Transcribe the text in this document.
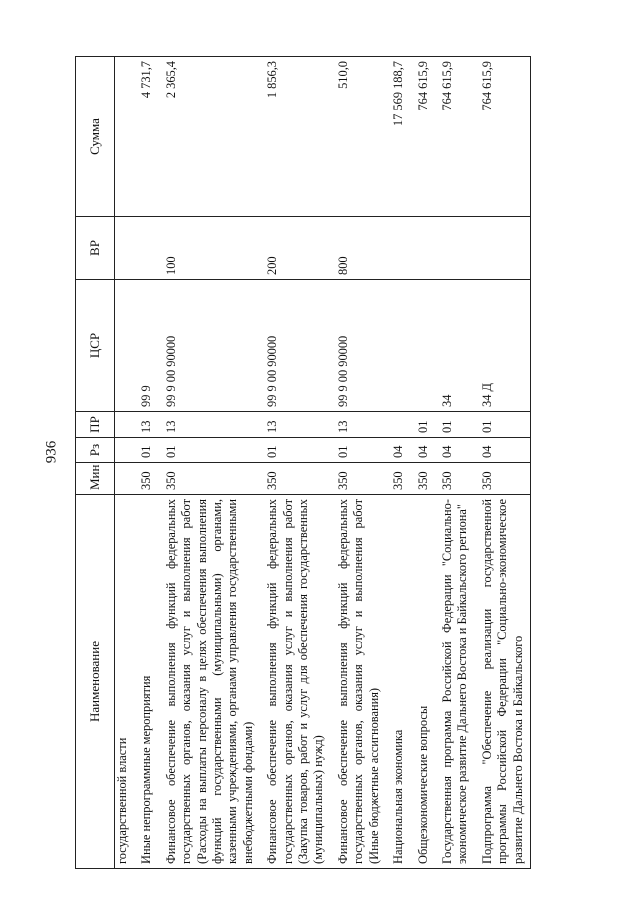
936
Наименование	Мин	Рз	ПР	ЦСР	ВР	Сумма
государственной власти						
Иные непрограммные мероприятия	350	01	13	99 9		4 731,7
Финансовое обеспечение выполнения функций федеральных государственных органов, оказания услуг и выполнения работ (Расходы на выплаты персоналу в целях обеспечения выполнения функций государственными (муниципальными) органами, казенными учреждениями, органами управления государственными внебюджетными фондами)	350	01	13	99 9 00 90000	100	2 365,4
Финансовое обеспечение выполнения функций федеральных государственных органов, оказания услуг и выполнения работ (Закупка товаров, работ и услуг для обеспечения государственных (муниципальных) нужд)	350	01	13	99 9 00 90000	200	1 856,3
Финансовое обеспечение выполнения функций федеральных государственных органов, оказания услуг и выполнения работ (Иные бюджетные ассигнования)	350	01	13	99 9 00 90000	800	510,0
Национальная экономика	350	04				17 569 188,7
Общеэкономические вопросы	350	04	01			764 615,9
Государственная программа Российской Федерации "Социально-экономическое развитие Дальнего Востока и Байкальского региона"	350	04	01	34		764 615,9
Подпрограмма "Обеспечение реализации государственной программы Российской Федерации "Социально-экономическое развитие Дальнего Востока и Байкальского	350	04	01	34 Д		764 615,9
